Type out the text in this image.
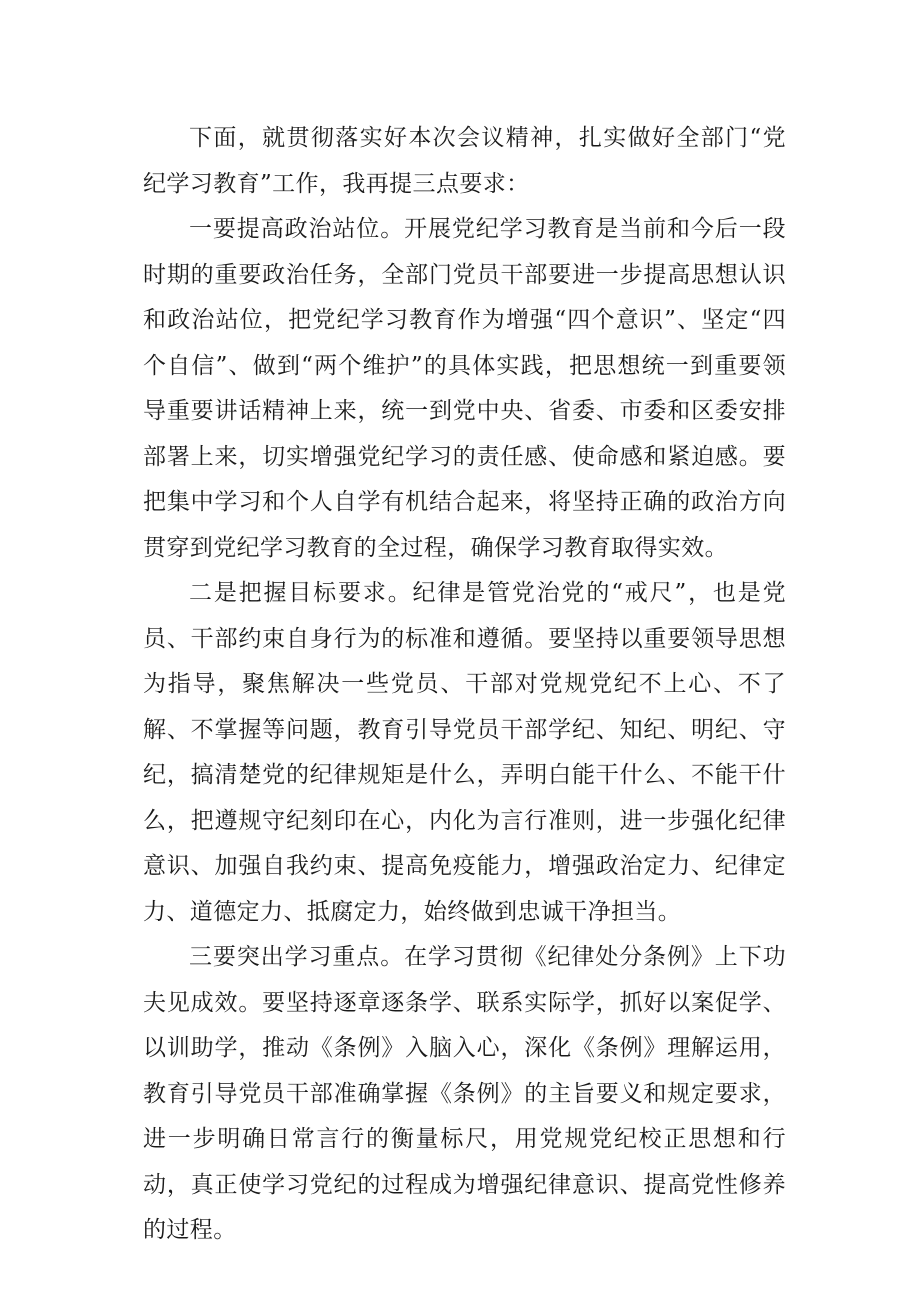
下面，就贯彻落实好本次会议精神，扎实做好全部门“党纪学习教育”工作，我再提三点要求：

一要提高政治站位。开展党纪学习教育是当前和今后一段时期的重要政治任务，全部门党员干部要进一步提高思想认识和政治站位，把党纪学习教育作为增强“四个意识”、坚定“四个自信”、做到“两个维护”的具体实践，把思想统一到重要领导重要讲话精神上来，统一到党中央、省委、市委和区委安排部署上来，切实增强党纪学习的责任感、使命感和紧迫感。要把集中学习和个人自学有机结合起来，将坚持正确的政治方向贯穿到党纪学习教育的全过程，确保学习教育取得实效。

二是把握目标要求。纪律是管党治党的“戒尺”，也是党员、干部约束自身行为的标准和遵循。要坚持以重要领导思想为指导，聚焦解决一些党员、干部对党规党纪不上心、不了解、不掌握等问题，教育引导党员干部学纪、知纪、明纪、守纪，搞清楚党的纪律规矩是什么，弄明白能干什么、不能干什么，把遵规守纪刻印在心，内化为言行准则，进一步强化纪律意识、加强自我约束、提高免疫能力，增强政治定力、纪律定力、道德定力、抵腐定力，始终做到忠诚干净担当。

三要突出学习重点。在学习贯彻《纪律处分条例》上下功夫见成效。要坚持逐章逐条学、联系实际学，抓好以案促学、以训助学，推动《条例》入脑入心，深化《条例》理解运用，教育引导党员干部准确掌握《条例》的主旨要义和规定要求，进一步明确日常言行的衡量标尺，用党规党纪校正思想和行动，真正使学习党纪的过程成为增强纪律意识、提高党性修养的过程。
